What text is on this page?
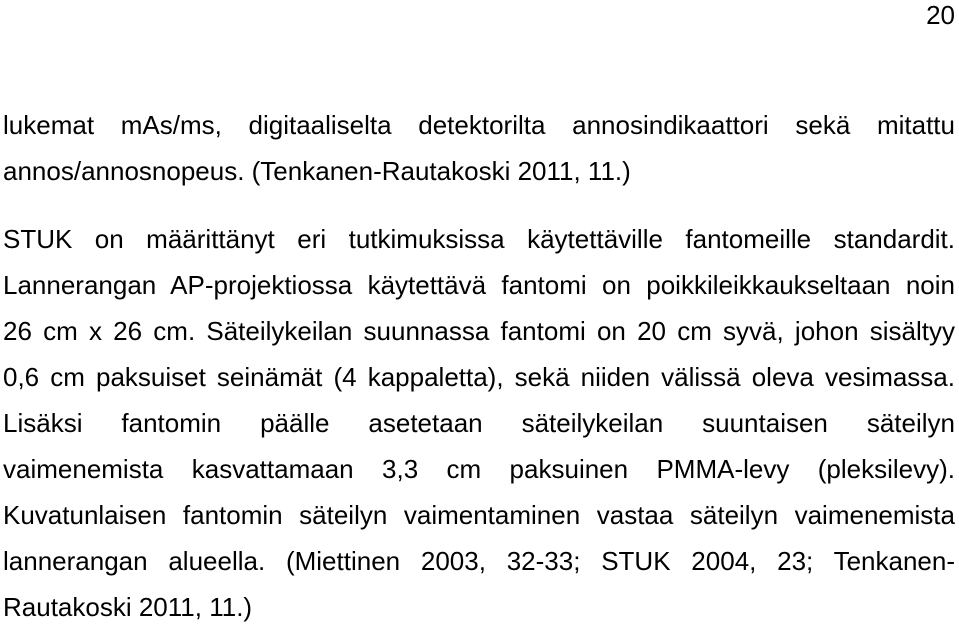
20
lukemat mAs/ms, digitaaliselta detektorilta annosindikaattori sekä mitattu
annos/annosnopeus. (Tenkanen-Rautakoski 2011, 11.)
STUK on määrittänyt eri tutkimuksissa käytettäville fantomeille standardit.
Lannerangan AP-projektiossa käytettävä fantomi on poikkileikkaukseltaan noin
26 cm x 26 cm. Säteilykeilan suunnassa fantomi on 20 cm syvä, johon sisältyy
0,6 cm paksuiset seinämät (4 kappaletta), sekä niiden välissä oleva vesimassa.
Lisäksi fantomin päälle asetetaan säteilykeilan suuntaisen säteilyn
vaimenemista kasvattamaan 3,3 cm paksuinen PMMA-levy (pleksilevy).
Kuvatunlaisen fantomin säteilyn vaimentaminen vastaa säteilyn vaimenemista
lannerangan alueella. (Miettinen 2003, 32-33; STUK 2004, 23; Tenkanen-
Rautakoski 2011, 11.)
